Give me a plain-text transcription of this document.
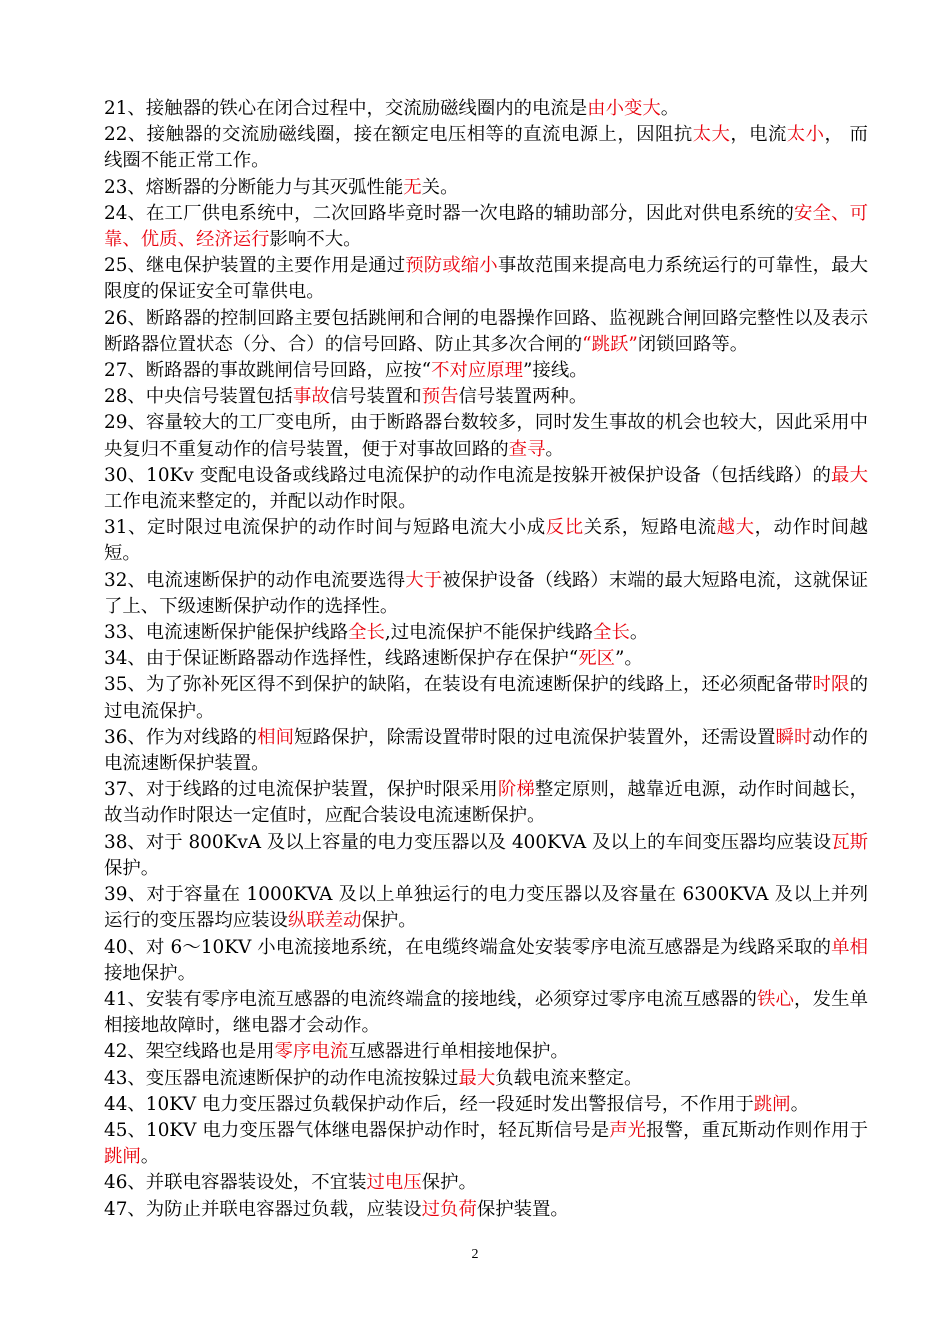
21、接触器的铁心在闭合过程中，交流励磁线圈内的电流是由小变大。

22、接触器的交流励磁线圈，接在额定电压相等的直流电源上，因阻抗太大，电流太小， 而线圈不能正常工作。

23、熔断器的分断能力与其灭弧性能无关。

24、在工厂供电系统中，二次回路毕竟时器一次电路的辅助部分，因此对供电系统的安全、可靠、优质、经济运行影响不大。

25、继电保护装置的主要作用是通过预防或缩小事故范围来提高电力系统运行的可靠性，最大限度的保证安全可靠供电。

26、断路器的控制回路主要包括跳闸和合闸的电器操作回路、监视跳合闸回路完整性以及表示断路器位置状态（分、合）的信号回路、防止其多次合闸的“跳跃”闭锁回路等。

27、断路器的事故跳闸信号回路，应按“不对应原理”接线。

28、中央信号装置包括事故信号装置和预告信号装置两种。

29、容量较大的工厂变电所，由于断路器台数较多，同时发生事故的机会也较大，因此采用中央复归不重复动作的信号装置，便于对事故回路的查寻。

30、10Kv 变配电设备或线路过电流保护的动作电流是按躲开被保护设备（包括线路）的最大工作电流来整定的，并配以动作时限。

31、定时限过电流保护的动作时间与短路电流大小成反比关系，短路电流越大，动作时间越短。

32、电流速断保护的动作电流要选得大于被保护设备（线路）末端的最大短路电流，这就保证了上、下级速断保护动作的选择性。

33、电流速断保护能保护线路全长,过电流保护不能保护线路全长。

34、由于保证断路器动作选择性，线路速断保护存在保护“死区”。

35、为了弥补死区得不到保护的缺陷，在装设有电流速断保护的线路上，还必须配备带时限的过电流保护。

36、作为对线路的相间短路保护，除需设置带时限的过电流保护装置外，还需设置瞬时动作的电流速断保护装置。

37、对于线路的过电流保护装置，保护时限采用阶梯整定原则，越靠近电源，动作时间越长，故当动作时限达一定值时，应配合装设电流速断保护。

38、对于 800KvA 及以上容量的电力变压器以及 400KVA 及以上的车间变压器均应装设瓦斯保护。

39、对于容量在 1000KVA 及以上单独运行的电力变压器以及容量在 6300KVA 及以上并列运行的变压器均应装设纵联差动保护。

40、对 6～10KV 小电流接地系统，在电缆终端盒处安装零序电流互感器是为线路采取的单相接地保护。

41、安装有零序电流互感器的电流终端盒的接地线，必须穿过零序电流互感器的铁心，发生单相接地故障时，继电器才会动作。

42、架空线路也是用零序电流互感器进行单相接地保护。

43、变压器电流速断保护的动作电流按躲过最大负载电流来整定。

44、10KV 电力变压器过负载保护动作后，经一段延时发出警报信号，不作用于跳闸。

45、10KV 电力变压器气体继电器保护动作时，轻瓦斯信号是声光报警，重瓦斯动作则作用于跳闸。

46、并联电容器装设处，不宜装过电压保护。

47、为防止并联电容器过负载，应装设过负荷保护装置。

2
